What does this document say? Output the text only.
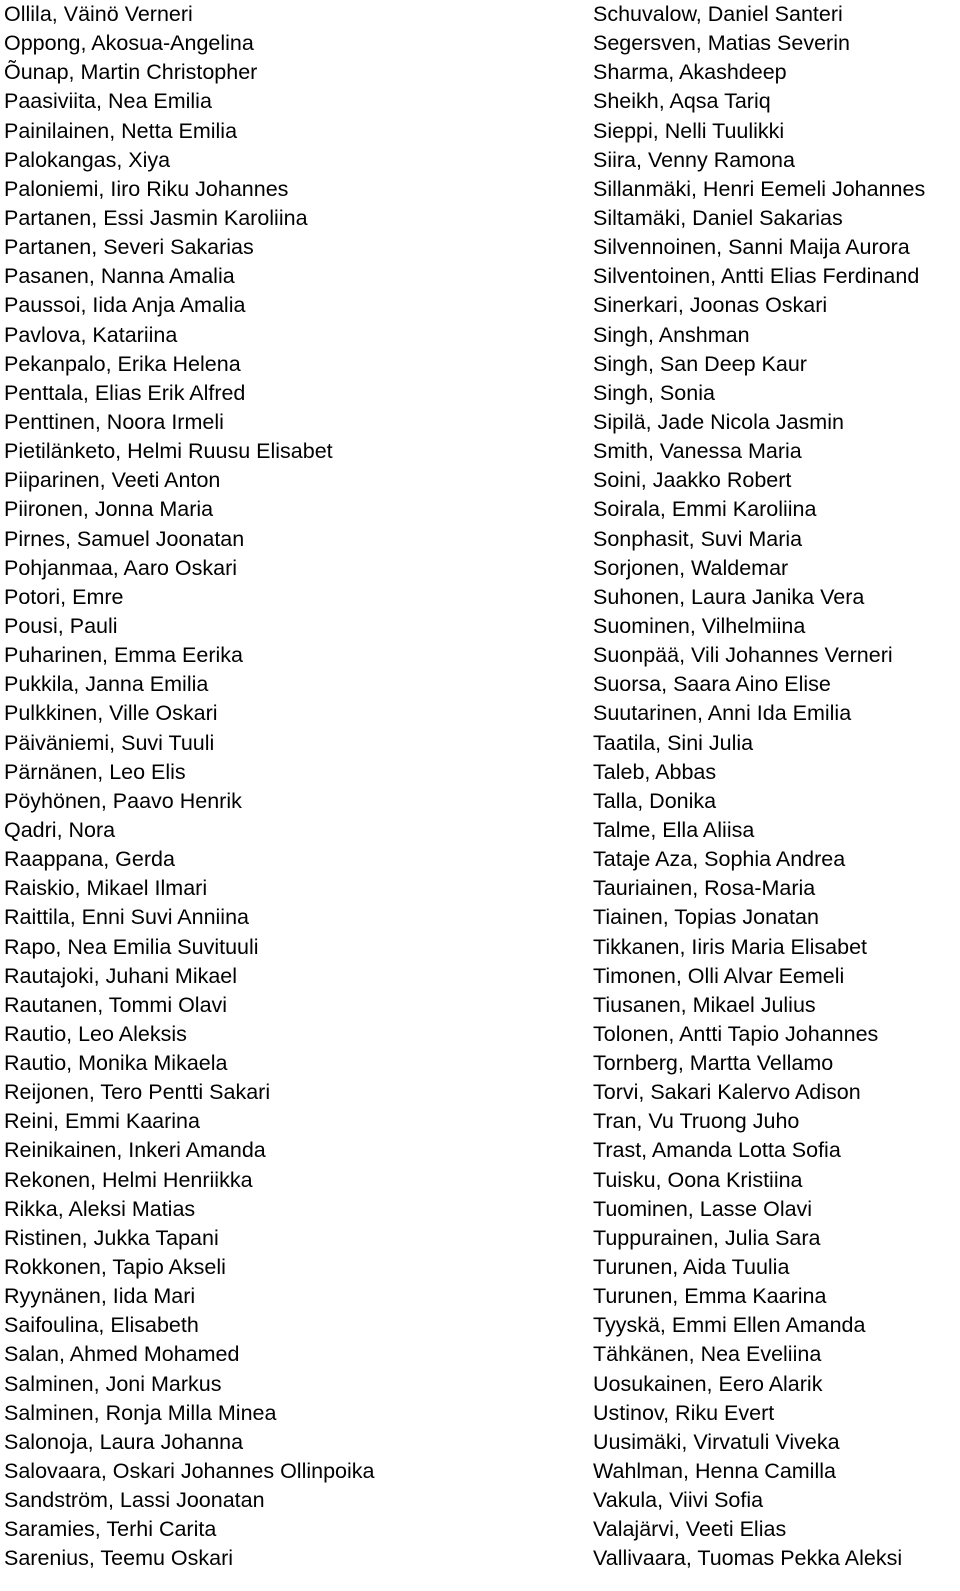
Ollila, Väinö Verneri
Oppong, Akosua-Angelina
Õunap, Martin Christopher
Paasiviita, Nea Emilia
Painilainen, Netta Emilia
Palokangas, Xiya
Paloniemi, Iiro Riku Johannes
Partanen, Essi Jasmin Karoliina
Partanen, Severi Sakarias
Pasanen, Nanna Amalia
Paussoi, Iida Anja Amalia
Pavlova, Katariina
Pekanpalo, Erika Helena
Penttala, Elias Erik Alfred
Penttinen, Noora Irmeli
Pietilänketo, Helmi Ruusu Elisabet
Piiparinen, Veeti Anton
Piironen, Jonna Maria
Pirnes, Samuel Joonatan
Pohjanmaa, Aaro Oskari
Potori, Emre
Pousi, Pauli
Puharinen, Emma Eerika
Pukkila, Janna Emilia
Pulkkinen, Ville Oskari
Päiväniemi, Suvi Tuuli
Pärnänen, Leo Elis
Pöyhönen, Paavo Henrik
Qadri, Nora
Raappana, Gerda
Raiskio, Mikael Ilmari
Raittila, Enni Suvi Anniina
Rapo, Nea Emilia Suvituuli
Rautajoki, Juhani Mikael
Rautanen, Tommi Olavi
Rautio, Leo Aleksis
Rautio, Monika Mikaela
Reijonen, Tero Pentti Sakari
Reini, Emmi Kaarina
Reinikainen, Inkeri Amanda
Rekonen, Helmi Henriikka
Rikka, Aleksi Matias
Ristinen, Jukka Tapani
Rokkonen, Tapio Akseli
Ryynänen, Iida Mari
Saifoulina, Elisabeth
Salan, Ahmed Mohamed
Salminen, Joni Markus
Salminen, Ronja Milla Minea
Salonoja, Laura Johanna
Salovaara, Oskari Johannes Ollinpoika
Sandström, Lassi Joonatan
Saramies, Terhi Carita
Sarenius, Teemu Oskari
Schuvalow, Daniel Santeri
Segersven, Matias Severin
Sharma, Akashdeep
Sheikh, Aqsa Tariq
Sieppi, Nelli Tuulikki
Siira, Venny Ramona
Sillanmäki, Henri Eemeli Johannes
Siltamäki, Daniel Sakarias
Silvennoinen, Sanni Maija Aurora
Silventoinen, Antti Elias Ferdinand
Sinerkari, Joonas Oskari
Singh, Anshman
Singh, San Deep Kaur
Singh, Sonia
Sipilä, Jade Nicola Jasmin
Smith, Vanessa Maria
Soini, Jaakko Robert
Soirala, Emmi Karoliina
Sonphasit, Suvi Maria
Sorjonen, Waldemar
Suhonen, Laura Janika Vera
Suominen, Vilhelmiina
Suonpää, Vili Johannes Verneri
Suorsa, Saara Aino Elise
Suutarinen, Anni Ida Emilia
Taatila, Sini Julia
Taleb, Abbas
Talla, Donika
Talme, Ella Aliisa
Tataje Aza, Sophia Andrea
Tauriainen, Rosa-Maria
Tiainen, Topias Jonatan
Tikkanen, Iiris Maria Elisabet
Timonen, Olli Alvar Eemeli
Tiusanen, Mikael Julius
Tolonen, Antti Tapio Johannes
Tornberg, Martta Vellamo
Torvi, Sakari Kalervo Adison
Tran, Vu Truong Juho
Trast, Amanda Lotta Sofia
Tuisku, Oona Kristiina
Tuominen, Lasse Olavi
Tuppurainen, Julia Sara
Turunen, Aida Tuulia
Turunen, Emma Kaarina
Tyyskä, Emmi Ellen Amanda
Tähkänen, Nea Eveliina
Uosukainen, Eero Alarik
Ustinov, Riku Evert
Uusimäki, Virvatuli Viveka
Wahlman, Henna Camilla
Vakula, Viivi Sofia
Valajärvi, Veeti Elias
Vallivaara, Tuomas Pekka Aleksi
